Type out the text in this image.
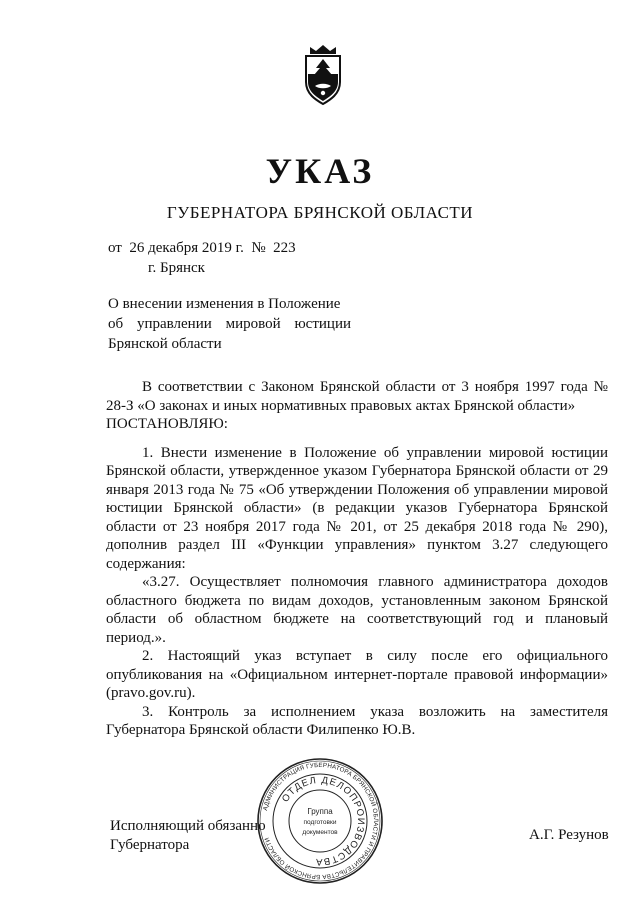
УКАЗ
ГУБЕРНАТОРА БРЯНСКОЙ ОБЛАСТИ
от 26 декабря 2019 г. № 223
г. Брянск
О внесении изменения в Положение
об управлении мировой юстиции
Брянской области

В соответствии с Законом Брянской области от 3 ноября 1997 года № 28-З «О законах и иных нормативных правовых актах Брянской области»

ПОСТАНОВЛЯЮ:

1. Внести изменение в Положение об управлении мировой юстиции Брянской области, утвержденное указом Губернатора Брянской области от 29 января 2013 года № 75 «Об утверждении Положения об управлении мировой юстиции Брянской области» (в редакции указов Губернатора Брянской области от 23 ноября 2017 года № 201, от 25 декабря 2018 года № 290), дополнив раздел III «Функции управления» пунктом 3.27 следующего содержания:

«3.27. Осуществляет полномочия главного администратора доходов областного бюджета по видам доходов, установленным законом Брянской области об областном бюджете на соответствующий год и плановый период.».

2. Настоящий указ вступает в силу после его официального опубликования на «Официальном интернет-портале правовой информации» (pravo.gov.ru).

3. Контроль за исполнением указа возложить на заместителя Губернатора Брянской области Филипенко Ю.В.

Исполняющий обязанно
Губернатора
А.Г. Резунов
АДМИНИСТРАЦИЯ ГУБЕРНАТОРА БРЯНСКОЙ ОБЛАСТИ И ПРАВИТЕЛЬСТВА БРЯНСКОЙ ОБЛАСТИ
ОТДЕЛ ДЕЛОПРОИЗВОДСТВА
Группа
подготовки
документов
